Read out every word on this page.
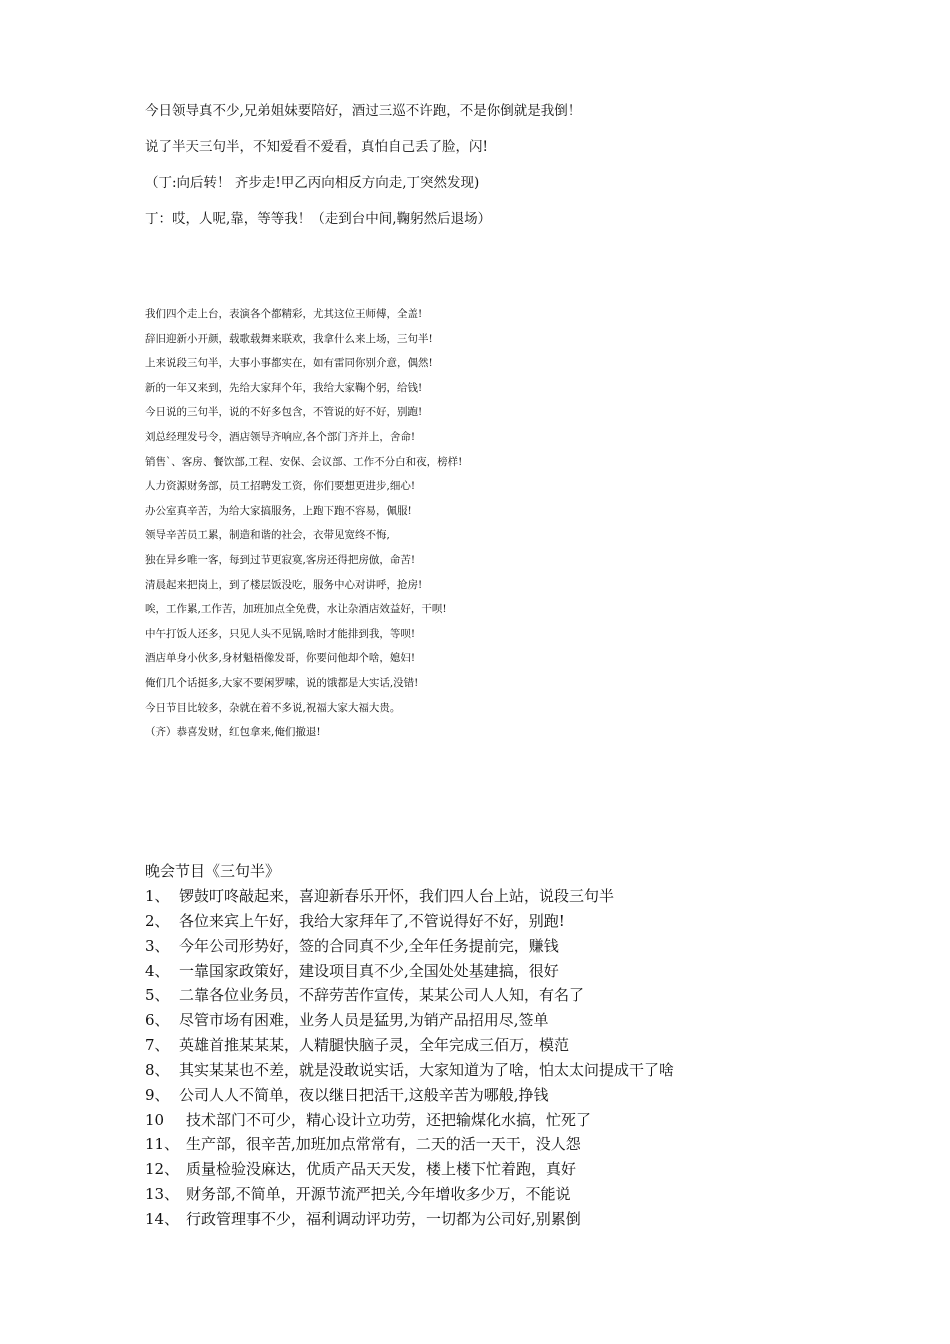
今日领导真不少,兄弟姐妹要陪好，酒过三巡不许跑，不是你倒就是我倒！
说了半天三句半，不知爱看不爱看，真怕自己丢了脸，闪!
（丁:向后转！ 齐步走!甲乙丙向相反方向走,丁突然发现)
丁：哎，人呢,靠，等等我！（走到台中间,鞠躬然后退场）
我们四个走上台，表演各个都精彩，尤其这位王师傅，全盖!
辞旧迎新小开颜，载歌载舞来联欢，我拿什么来上场，三句半!
上来说段三句半，大事小事都实在，如有雷同你别介意，偶然!
新的一年又来到，先给大家拜个年，我给大家鞠个躬，给钱!
今日说的三句半，说的不好多包含，不管说的好不好，别跑!
刘总经理发号令，酒店领导齐响应,各个部门齐并上，舍命!
销售`、客房、餐饮部,工程、安保、会议部、工作不分白和夜，榜样!
人力资源财务部，员工招聘发工资，你们要想更进步,细心!
办公室真辛苦，为给大家搞服务，上跑下跑不容易，佩服!
领导辛苦员工累，制造和谐的社会，衣带见宽终不悔,
独在异乡唯一客，每到过节更寂寞,客房还得把房倣，命苦!
清晨起来把岗上，到了楼层饭没吃，服务中心对讲呼，抢房!
唉，工作累,工作苦，加班加点全免费，水让杂酒店效益好，干呗!
中午打饭人还多，只见人头不见锅,啥时才能排到我，等呗!
酒店单身小伙多,身材魁梧像发哥，你要问他却个啥，媳妇!
俺们几个话挺多,大家不要闲罗嗦，说的饿都是大实话,没错!
今日节目比较多，杂就在着不多说,祝福大家大福大贵。
（齐）恭喜发财，红包拿来,俺们撤退!
晚会节目《三句半》
1、 锣鼓叮咚敲起来，喜迎新春乐开怀，我们四人台上站，说段三句半
2、 各位来宾上午好，我给大家拜年了,不管说得好不好，别跑!
3、 今年公司形势好，签的合同真不少,全年任务提前完，赚钱
4、 一靠国家政策好，建设项目真不少,全国处处基建搞，很好
5、 二靠各位业务员，不辞劳苦作宣传，某某公司人人知，有名了
6、 尽管市场有困难，业务人员是猛男,为销产品招用尽,签单
7、 英雄首推某某某，人精腿快脑子灵，全年完成三佰万，模范
8、 其实某某也不差，就是没敢说实话，大家知道为了啥，怕太太问提成干了啥
9、 公司人人不简单，夜以继日把活干,这般辛苦为哪般,挣钱
10	技术部门不可少，精心设计立功劳，还把输煤化水搞，忙死了
11、 生产部，很辛苦,加班加点常常有，二天的活一天干，没人怨
12、 质量检验没麻达，优质产品天天发，楼上楼下忙着跑，真好
13、 财务部,不简单，开源节流严把关,今年增收多少万，不能说
14、 行政管理事不少，福利调动评功劳，一切都为公司好,别累倒
